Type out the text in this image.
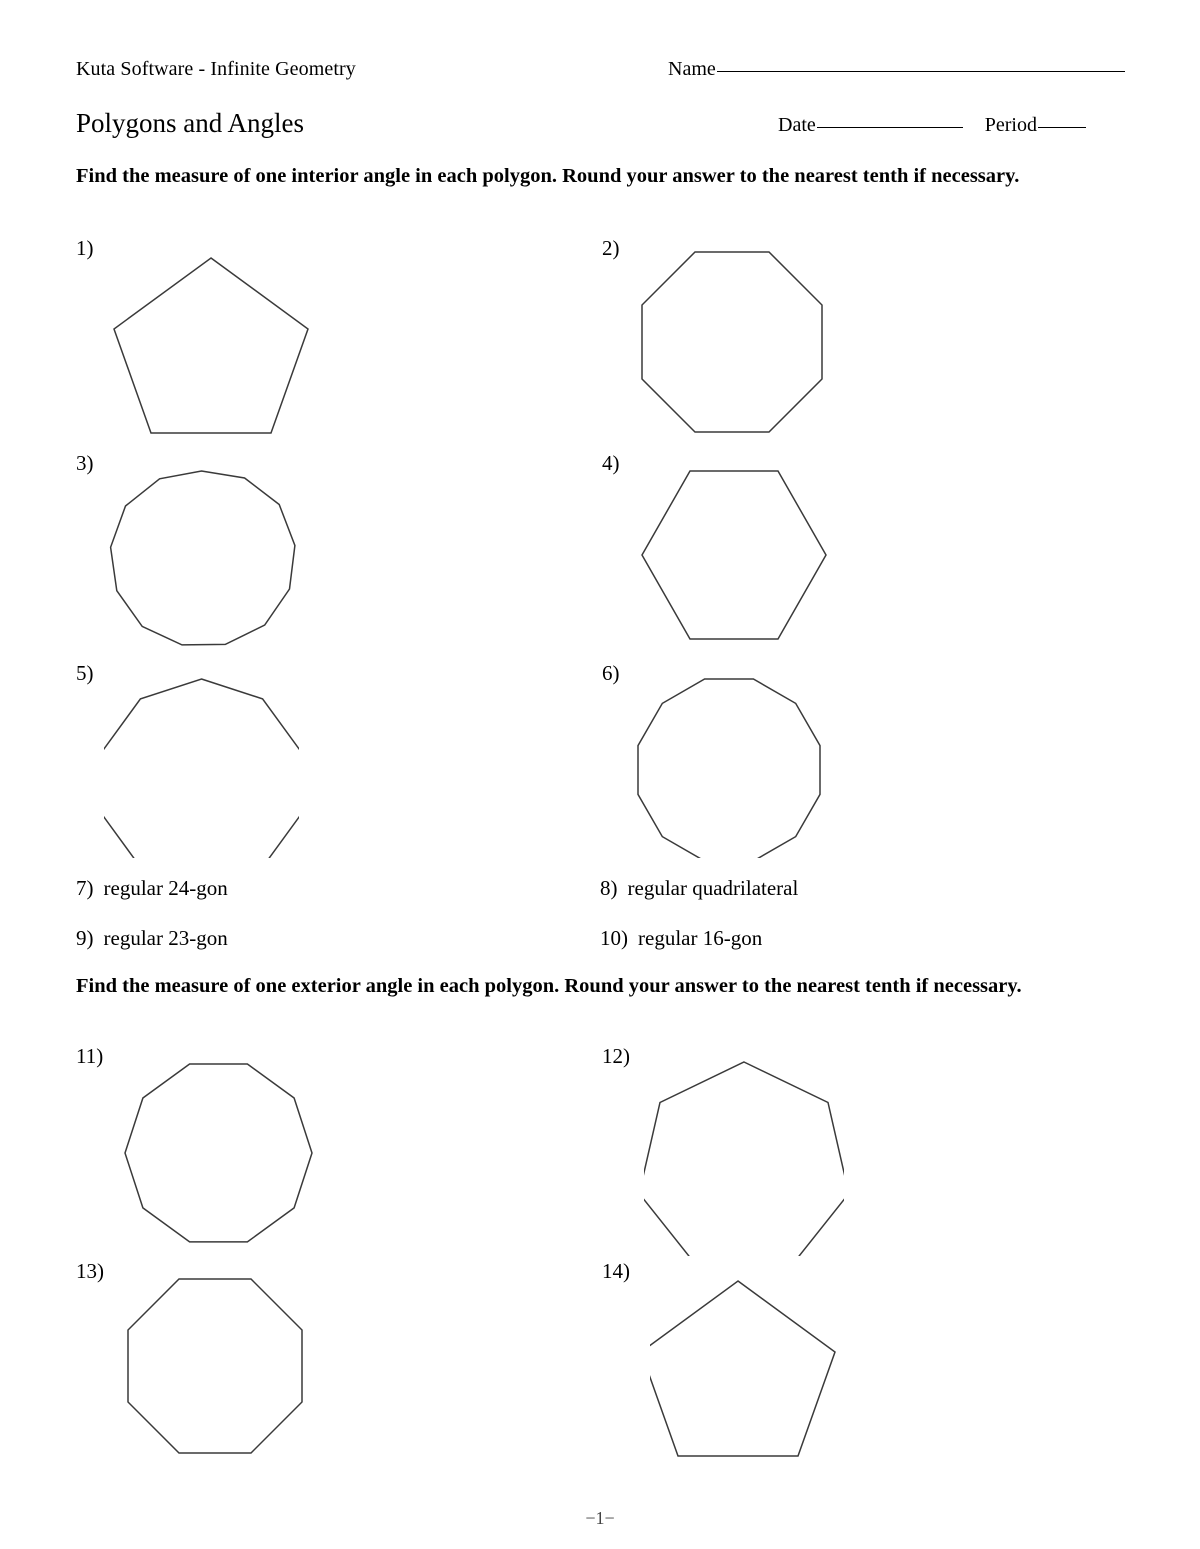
Kuta Software - Infinite Geometry	Name
Polygons and Angles	Date	Period
Find the measure of one interior angle in each polygon. Round your answer to the nearest tenth if necessary.
1)	2)
3)	4)
5)	6)
7) regular 24-gon	8) regular quadrilateral
9) regular 23-gon	10) regular 16-gon
Find the measure of one exterior angle in each polygon. Round your answer to the nearest tenth if necessary.
11)	12)
13)	14)
−1−
